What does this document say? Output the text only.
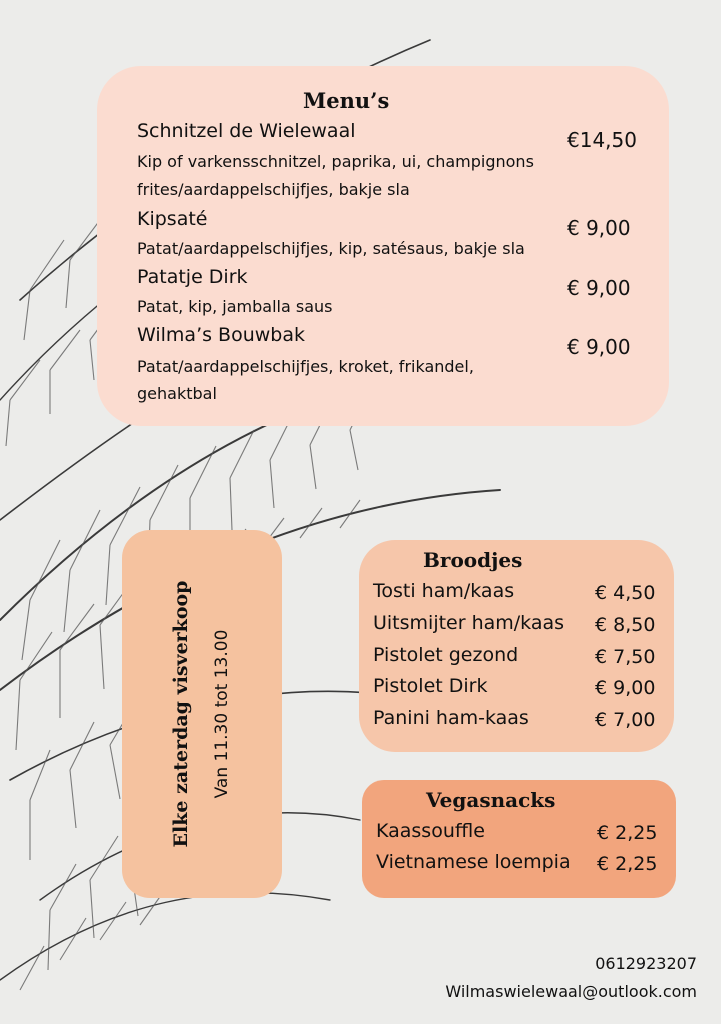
Menu’s
Schnitzel de Wielewaal	€14,50
Kip of varkensschnitzel, paprika, ui, champignons
frites/aardappelschijfjes, bakje sla
Kipsaté	€ 9,00
Patat/aardappelschijfjes, kip, satésaus, bakje sla
Patatje Dirk	€ 9,00
Patat, kip, jamballa saus
Wilma’s Bouwbak	€ 9,00
Patat/aardappelschijfjes, kroket, frikandel,
gehaktbal
Elke zaterdag visverkoop Van 11.30 tot 13.00
Broodjes
Tosti ham/kaas	€ 4,50
Uitsmijter ham/kaas € 8,50
Pistolet gezond	€ 7,50
Pistolet Dirk	€ 9,00
Panini ham-kaas	€ 7,00
Vegasnacks
Kaassouffle	€ 2,25
Vietnamese loempia € 2,25
0612923207
Wilmaswielewaal@outlook.com
